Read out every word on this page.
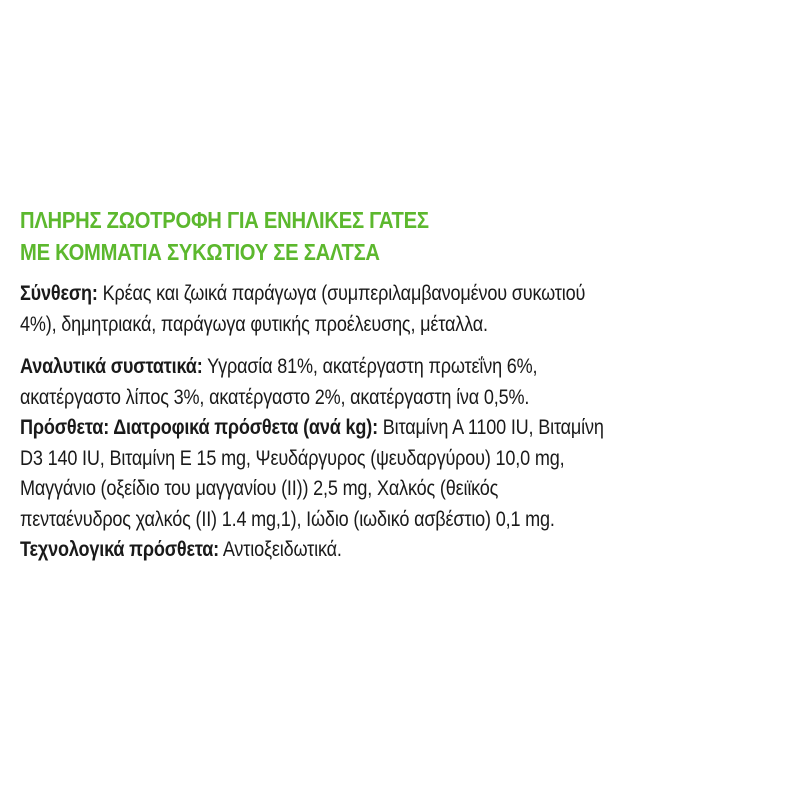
ΠΛΗΡΗΣ ΖΩΟΤΡΟΦΗ ΓΙΑ ΕΝΗΛΙΚΕΣ ΓΑΤΕΣ
ΜΕ ΚΟΜΜΑΤΙΑ ΣΥΚΩΤΙΟΥ ΣΕ ΣΑΛΤΣΑ
Σύνθεση: Κρέας και ζωικά παράγωγα (συμπεριλαμβανομένου συκωτιού
4%), δημητριακά, παράγωγα φυτικής προέλευσης, μέταλλα.
Αναλυτικά συστατικά: Υγρασία 81%, ακατέργαστη πρωτεΐνη 6%,
ακατέργαστο λίπος 3%, ακατέργαστο 2%, ακατέργαστη ίνα 0,5%.
Πρόσθετα: Διατροφικά πρόσθετα (ανά kg): Βιταμίνη Α 1100 IU, Βιταμίνη
D3 140 IU, Βιταμίνη Ε 15 mg, Ψευδάργυρος (ψευδαργύρου) 10,0 mg,
Μαγγάνιο (οξείδιο του μαγγανίου (ΙΙ)) 2,5 mg, Χαλκός (θειϊκός
πενταένυδρος χαλκός (ΙΙ) 1.4 mg,1), Ιώδιο (ιωδικό ασβέστιο) 0,1 mg.
Τεχνολογικά πρόσθετα: Αντιοξειδωτικά.
